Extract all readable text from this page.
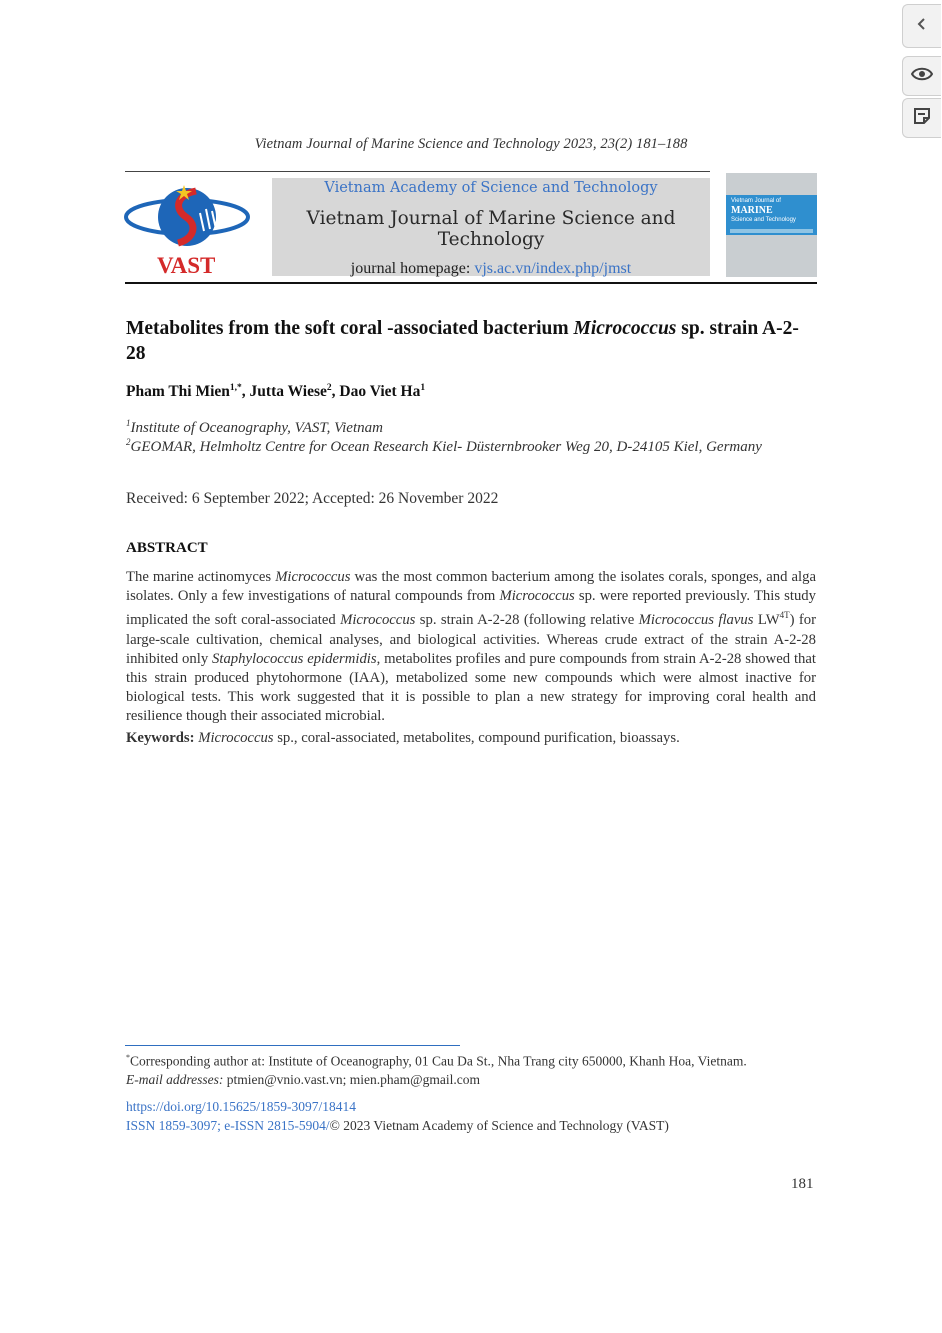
Vietnam Journal of Marine Science and Technology 2023, 23(2) 181–188
VAST
Vietnam Academy of Science and Technology
Vietnam Journal of Marine Science and Technology
journal homepage: vjs.ac.vn/index.php/jmst
Vietnam Journal of
MARINE
Science and Technology
Metabolites from the soft coral -associated bacterium Micrococcus sp. strain A-2-28
Pham Thi Mien$^{1,*}$, Jutta Wiese$^2$, Dao Viet Ha$^1$
$^1$Institute of Oceanography, VAST, Vietnam
$^2$GEOMAR, Helmholtz Centre for Ocean Research Kiel- Düsternbrooker Weg 20, D-24105 Kiel, Germany
Received: 6 September 2022; Accepted: 26 November 2022
ABSTRACT
The marine actinomyces Micrococcus was the most common bacterium among the isolates corals, sponges, and alga isolates. Only a few investigations of natural compounds from Micrococcus sp. were reported previously. This study implicated the soft coral-associated Micrococcus sp. strain A-2-28 (following relative Micrococcus flavus $LW^{4T}$) for large-scale cultivation, chemical analyses, and biological activities. Whereas crude extract of the strain A-2-28 inhibited only Staphylococcus epidermidis, metabolites profiles and pure compounds from strain A-2-28 showed that this strain produced phytohormone (IAA), metabolized some new compounds which were almost inactive for biological tests. This work suggested that it is possible to plan a new strategy for improving coral health and resilience though their associated microbial.
Keywords: Micrococcus sp., coral-associated, metabolites, compound purification, bioassays.
*Corresponding author at: Institute of Oceanography, 01 Cau Da St., Nha Trang city 650000, Khanh Hoa, Vietnam.
E-mail addresses: ptmien@vnio.vast.vn; mien.pham@gmail.com
https://doi.org/10.15625/1859-3097/18414
ISSN 1859-3097; e-ISSN 2815-5904/© 2023 Vietnam Academy of Science and Technology (VAST)
181
